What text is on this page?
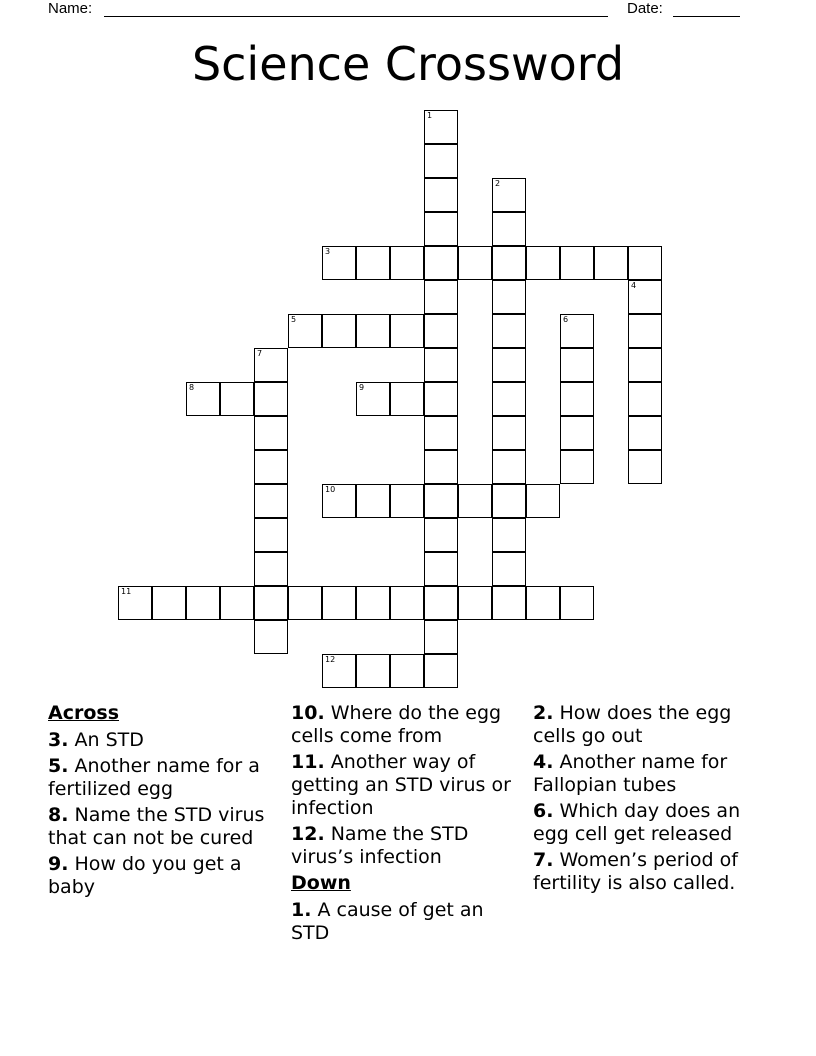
Name:	Date:
Science Crossword
1
2
3
4
5	6
7
8	9
10
11
12
Across
3. An STD
5. Another name for a fertilized egg
8. Name the STD virus that can not be cured
9. How do you get a baby
10. Where do the egg cells come from
11. Another way of getting an STD virus or infection
12. Name the STD virus’s infection
Down
1. A cause of get an STD
2. How does the egg cells go out
4. Another name for Fallopian tubes
6. Which day does an egg cell get released
7. Women’s period of fertility is also called.
